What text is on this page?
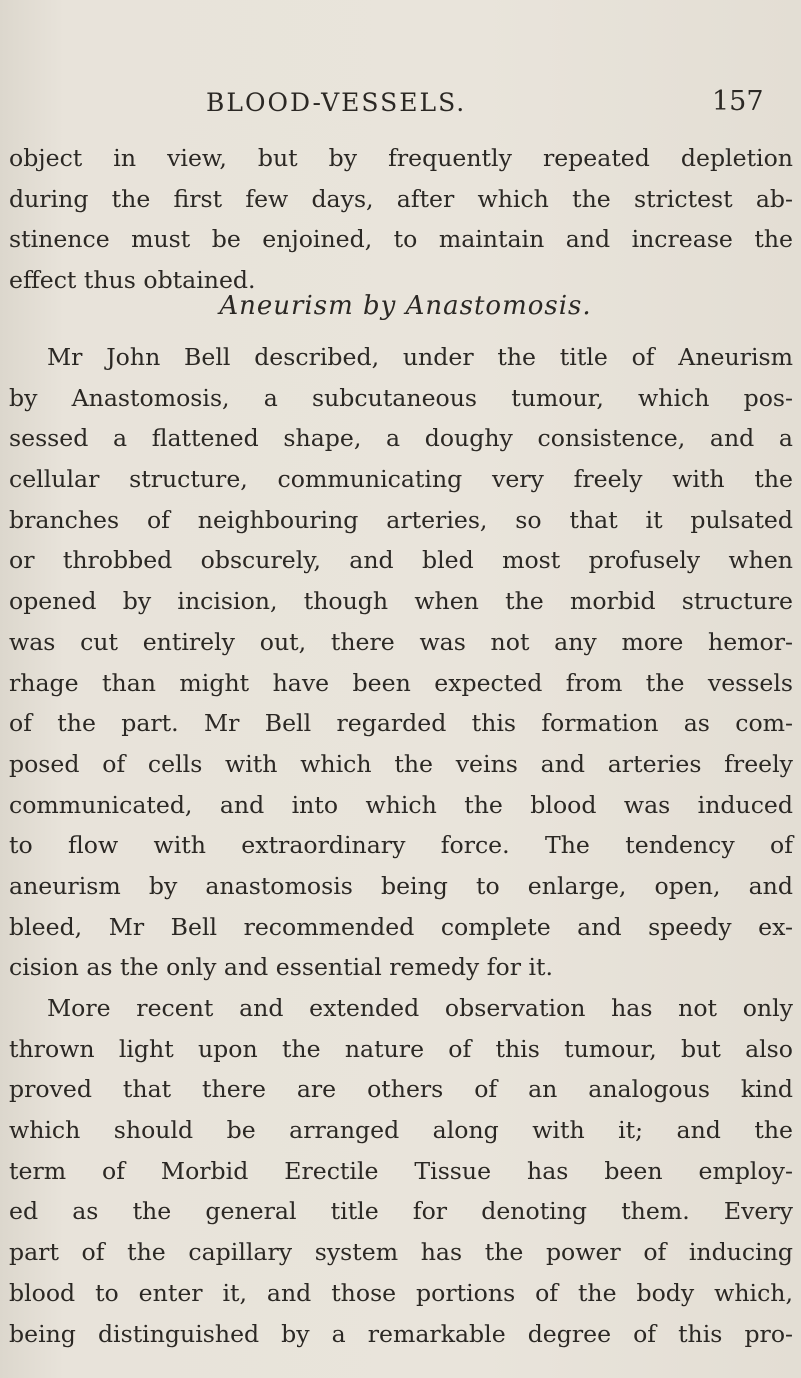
BLOOD-VESSELS.	157
object in view, but by frequently repeated depletion
during the first few days, after which the strictest ab-
stinence must be enjoined, to maintain and increase the
effect thus obtained.
Aneurism by Anastomosis.
Mr John Bell described, under the title of Aneurism
by Anastomosis, a subcutaneous tumour, which pos-
sessed a flattened shape, a doughy consistence, and a
cellular structure, communicating very freely with the
branches of neighbouring arteries, so that it pulsated
or throbbed obscurely, and bled most profusely when
opened by incision, though when the morbid structure
was cut entirely out, there was not any more hemor-
rhage than might have been expected from the vessels
of the part. Mr Bell regarded this formation as com-
posed of cells with which the veins and arteries freely
communicated, and into which the blood was induced
to flow with extraordinary force. The tendency of
aneurism by anastomosis being to enlarge, open, and
bleed, Mr Bell recommended complete and speedy ex-
cision as the only and essential remedy for it.
More recent and extended observation has not only
thrown light upon the nature of this tumour, but also
proved that there are others of an analogous kind
which should be arranged along with it; and the
term of Morbid Erectile Tissue has been employ-
ed as the general title for denoting them. Every
part of the capillary system has the power of inducing
blood to enter it, and those portions of the body which,
being distinguished by a remarkable degree of this pro-
